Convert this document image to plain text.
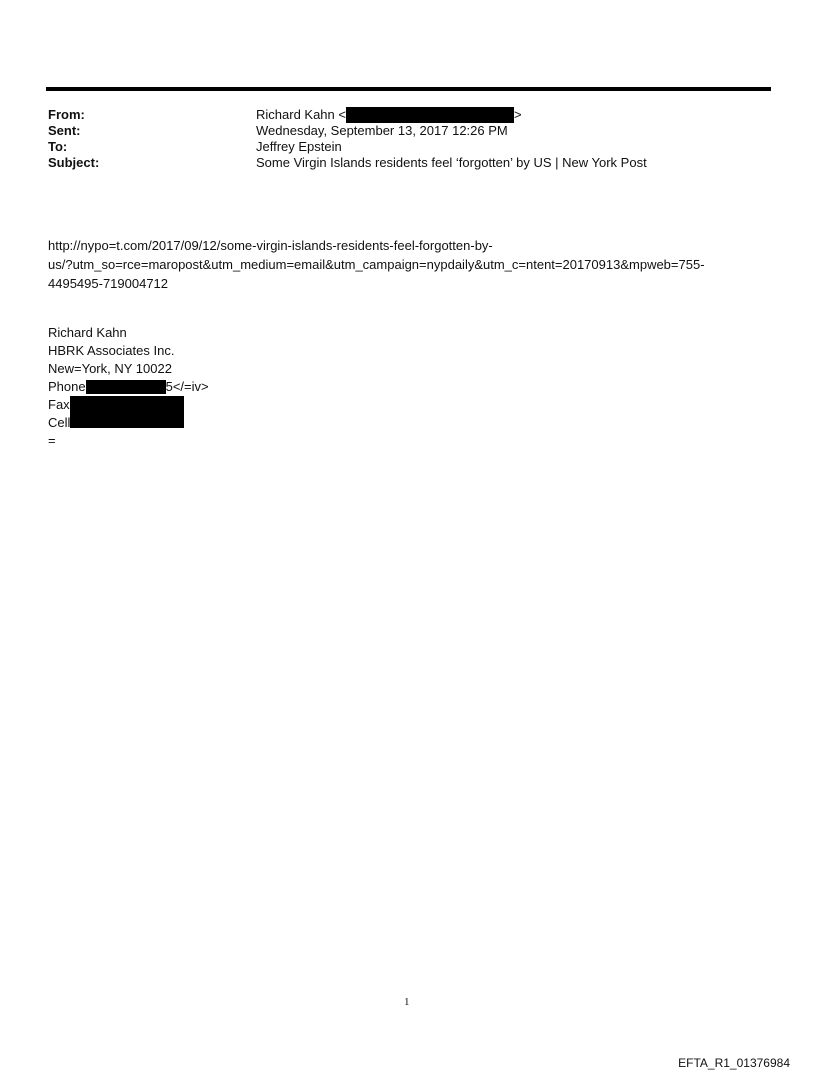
From:	Richard Kahn <	>
Sent:	Wednesday, September 13, 2017 12:26 PM
To:	Jeffrey Epstein
Subject:	Some Virgin Islands residents feel ‘forgotten’ by US | New York Post
http://nypo=t.com/2017/09/12/some-virgin-islands-residents-feel-forgotten-by-
us/?utm_so=rce=maropost&utm_medium=email&utm_campaign=nypdaily&utm_c=ntent=20170913&mpweb=755-
4495495-719004712
Richard Kahn
HBRK Associates Inc.
New=York, NY 10022
Phone	5</=iv>
Fax
Cell
=
1
EFTA_R1_01376984
